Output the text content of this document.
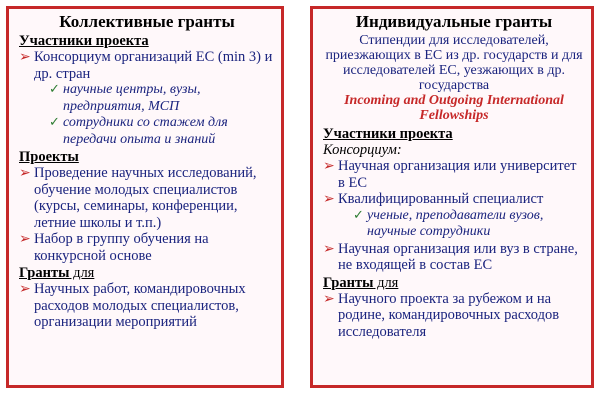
Коллективные гранты
Участники проекта
➢ Консорциум организаций ЕС (min 3) и др. стран
✓ научные центры, вузы, предприятия, МСП
✓ сотрудники со стажем для передачи опыта и знаний
Проекты
➢ Проведение научных исследований, обучение молодых специалистов (курсы, семинары, конференции, летние школы и т.п.)
➢ Набор в группу обучения на конкурсной основе
Гранты для
➢ Научных работ, командировочных расходов молодых специалистов, организации мероприятий
Индивидуальные гранты
Стипендии для исследователей, приезжающих в ЕС из др. государств и для исследователей ЕС, уезжающих в др. государства
Incoming and Outgoing International Fellowships
Участники проекта
Консорциум:
➢ Научная организация или университет в ЕС
➢ Квалифицированный специалист
✓ ученые, преподаватели вузов, научные сотрудники
➢ Научная организация или вуз в стране, не входящей в состав ЕС
Гранты для
➢ Научного проекта за рубежом и на родине, командировочных расходов исследователя
